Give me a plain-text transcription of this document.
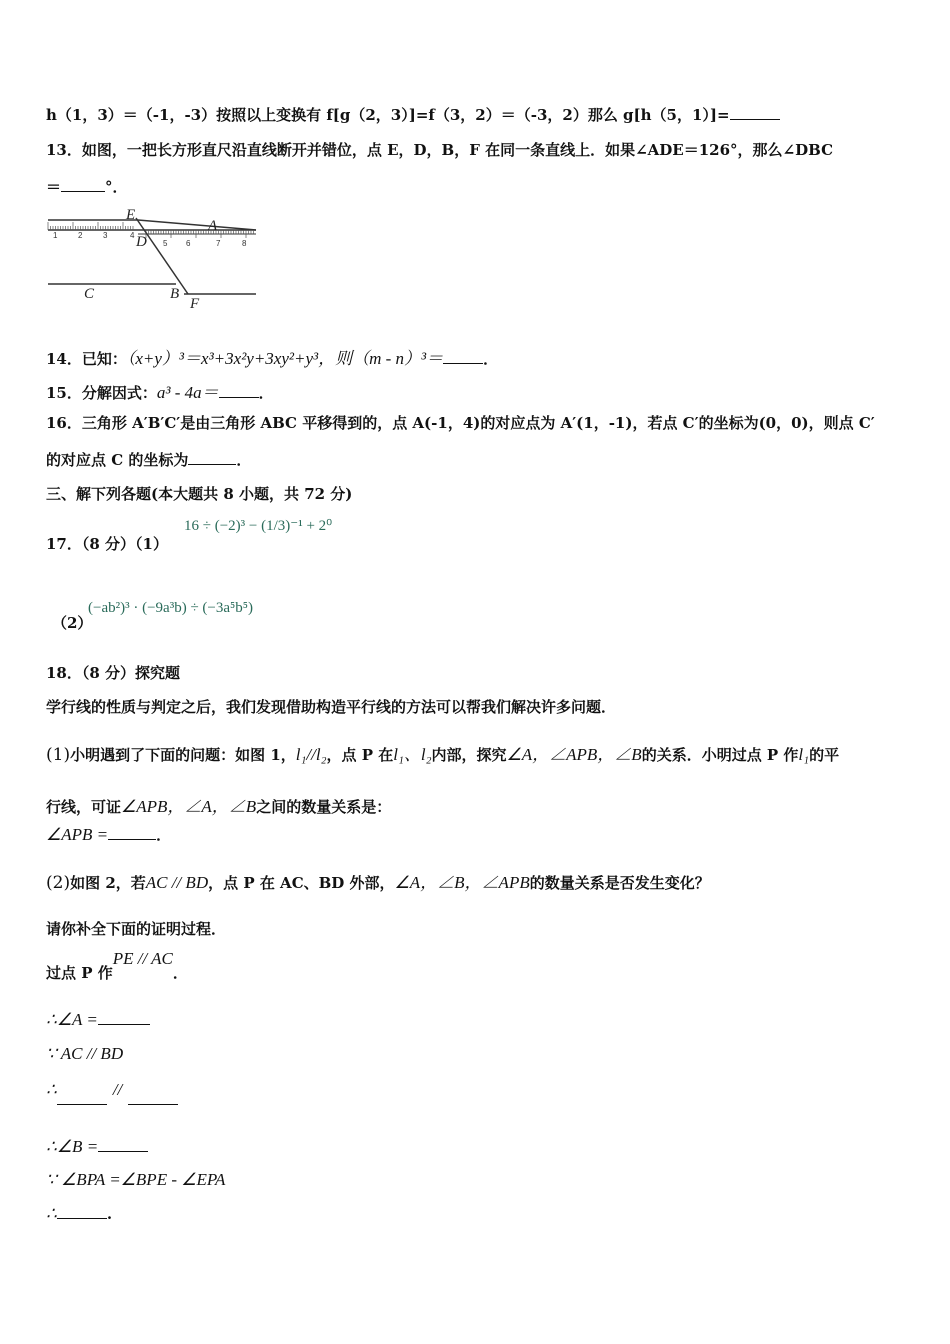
h（1，3）＝（-1，-3）按照以上变换有 f[g（2，3）]=f（3，2）＝（-3，2）那么 g[h（5，1）]=
13．如图，一把长方形直尺沿直线断开并错位，点 E，D，B，F 在同一条直线上．如果∠ADE＝126°，那么∠DBC
＝	°．
1	2	3	4
5 6	7	8
E
D
A
C	B
F
14．已知：（x+y）³＝x³+3x²y+3xy²+y³，则（m - n）³＝	．
15．分解因式：a³ - 4a＝	．
16．三角形 A′B′C′是由三角形 ABC 平移得到的，点 A(-1，4)的对应点为 A′(1，-1)，若点 C′的坐标为(0，0)，则点 C′
的对应点 C 的坐标为	．
三、解下列各题(本大题共 8 小题，共 72 分)
17．（8 分）（1）
16 ÷ (−2)³ − (1/3)⁻¹ + 2⁰
（2）
(−ab²)³ · (−9a³b) ÷ (−3a⁵b⁵)
18．（8 分）探究题
学行线的性质与判定之后，我们发现借助构造平行线的方法可以帮我们解决许多问题．
(1)小明遇到了下面的问题：如图 1，l₁//l₂，点 P 在l₁、l₂内部，探究∠A，∠APB，∠B的关系．小明过点 P 作l₁的平
行线，可证∠APB，∠A，∠B之间的数量关系是：
∠APB =	．
(2)如图 2，若AC // BD，点 P 在 AC、BD 外部，∠A，∠B，∠APB的数量关系是否发生变化？
请你补全下面的证明过程．
过点 P 作PE // AC．
∴∠A =
∵ AC // BD
∴	//
∴∠B =
∵ ∠BPA =∠BPE - ∠EPA
∴	.
